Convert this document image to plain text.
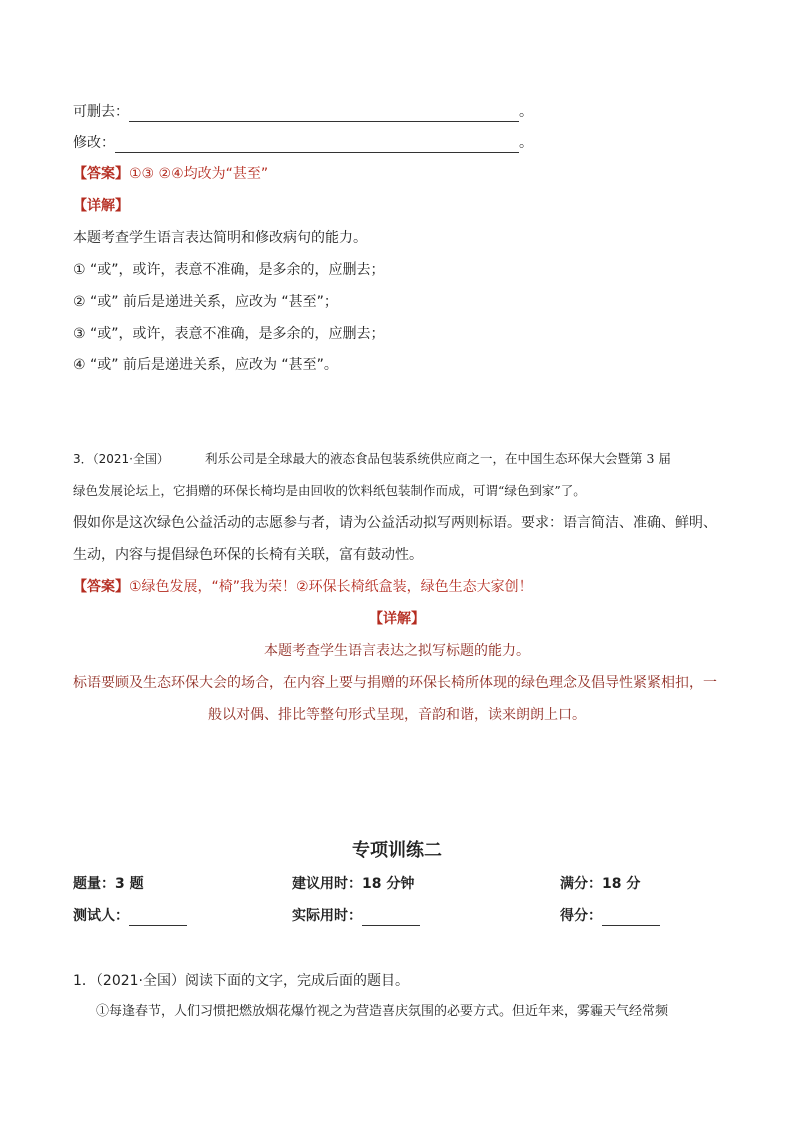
可删去：	。
修改：	。
【答案】①③ ②④均改为“甚至”
【详解】
本题考查学生语言表达简明和修改病句的能力。
① “或”，或许，表意不准确，是多余的，应删去；
② “或” 前后是递进关系，应改为 “甚至”；
③ “或”，或许，表意不准确，是多余的，应删去；
④ “或” 前后是递进关系，应改为 “甚至”。
3．（2021·全国）	利乐公司是全球最大的液态食品包装系统供应商之一，在中国生态环保大会暨第 3 届
绿色发展论坛上，它捐赠的环保长椅均是由回收的饮料纸包装制作而成，可谓“绿色到家”了。
假如你是这次绿色公益活动的志愿参与者，请为公益活动拟写两则标语。要求：语言简洁、准确、鲜明、
生动，内容与提倡绿色环保的长椅有关联，富有鼓动性。
【答案】①绿色发展，“椅”我为荣！②环保长椅纸盒装，绿色生态大家创！
【详解】
本题考查学生语言表达之拟写标题的能力。
标语要顾及生态环保大会的场合，在内容上要与捐赠的环保长椅所体现的绿色理念及倡导性紧紧相扣，一
般以对偶、排比等整句形式呈现，音韵和谐，读来朗朗上口。
专项训练二
题量：3 题	建议用时：18 分钟	满分：18 分
测试人：	实际用时：	得分：
1．（2021·全国）阅读下面的文字，完成后面的题目。
①每逢春节，人们习惯把燃放烟花爆竹视之为营造喜庆氛围的必要方式。但近年来，雾霾天气经常频
